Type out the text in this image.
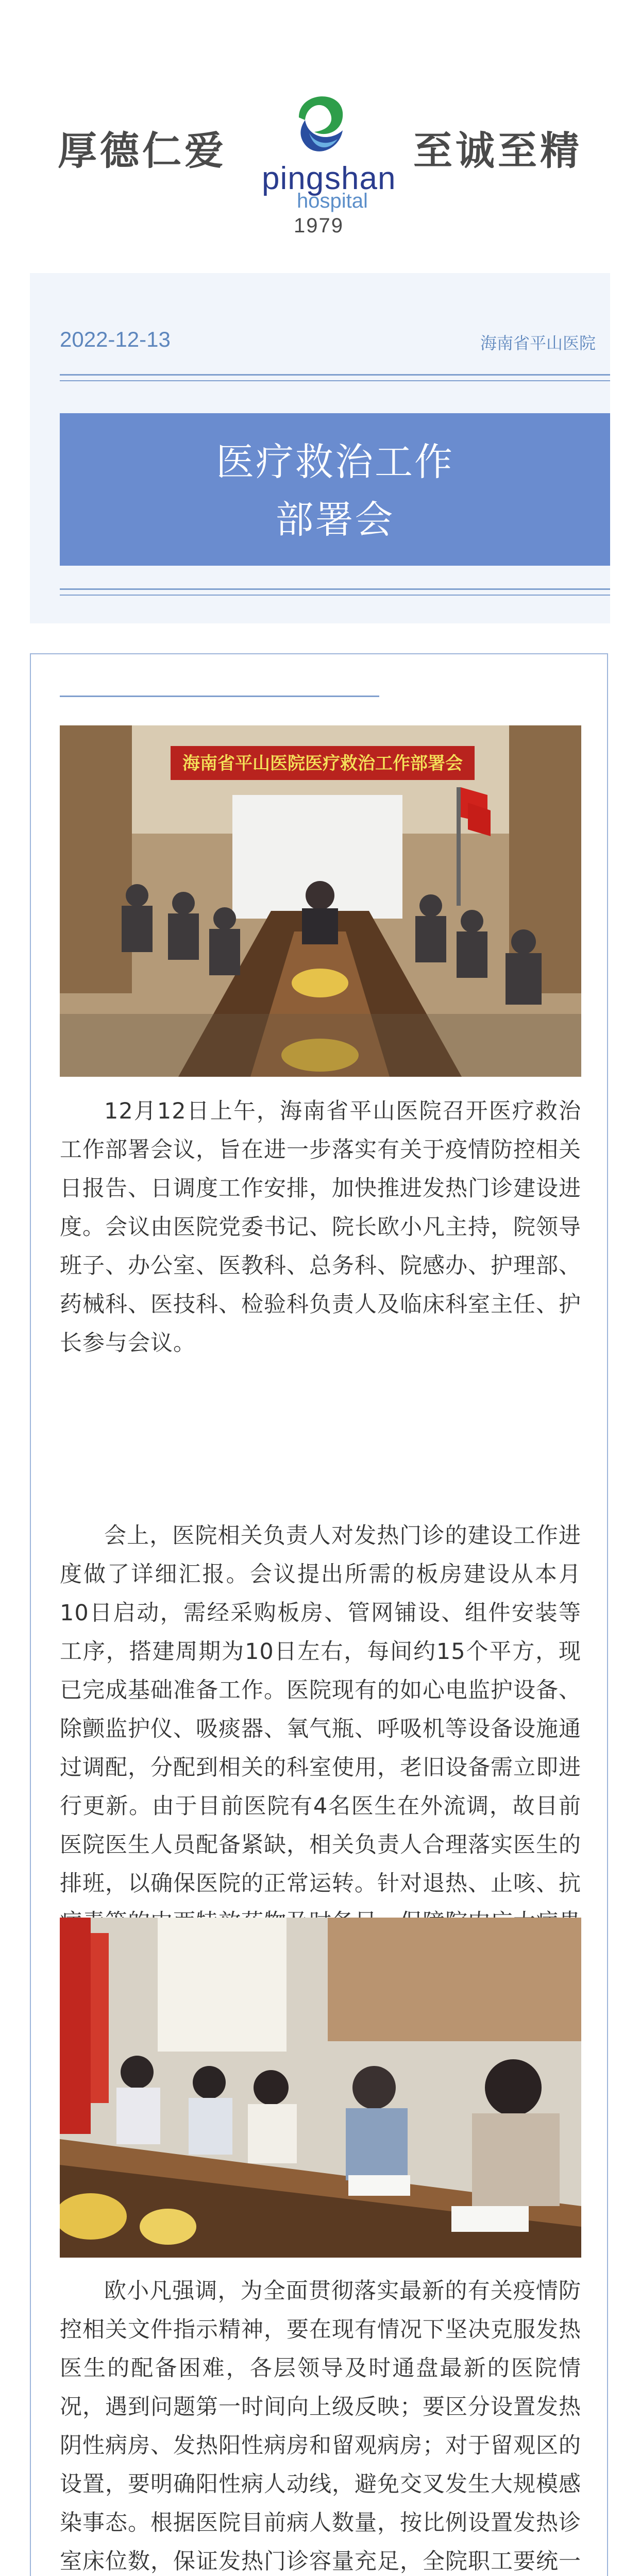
厚德仁爱
ping shan
hospital
1979
至诚至精
2022-12-13	海南省平山医院
医疗救治工作
部署会
海南省平山医院医疗救治工作部署会

12月12日上午，海南省平山医院召开医疗救治工作部署会议，旨在进一步落实有关于疫情防控相关日报告、日调度工作安排，加快推进发热门诊建设进度。会议由医院党委书记、院长欧小凡主持，院领导班子、办公室、医教科、总务科、院感办、护理部、药械科、医技科、检验科负责人及临床科室主任、护长参与会议。

会上，医院相关负责人对发热门诊的建设工作进度做了详细汇报。会议提出所需的板房建设从本月10日启动，需经采购板房、管网铺设、组件安装等工序，搭建周期为10日左右，每间约15个平方，现已完成基础准备工作。医院现有的如心电监护设备、除颤监护仪、吸痰器、氧气瓶、呼吸机等设备设施通过调配，分配到相关的科室使用，老旧设备需立即进行更新。由于目前医院有4名医生在外流调，故目前医院医生人员配备紧缺，相关负责人合理落实医生的排班，以确保医院的正常运转。针对退热、止咳、抗

欧小凡强调，为全面贯彻落实最新的有关疫情防控相关文件指示精神，要在现有情况下坚决克服发热医生的配备困难，各层领导及时通盘最新的医院情况，遇到问题第一时间向上级反映；要区分设置发热阴性病房、发热阳性病房和留观病房；对于留观区的设置，要明确阳性病人动线，避免交叉发生大规模感染事态。根据医院目前病人数量，按比例设置发热诊室床位数，保证发热门诊容量充足，全院职工要统一
